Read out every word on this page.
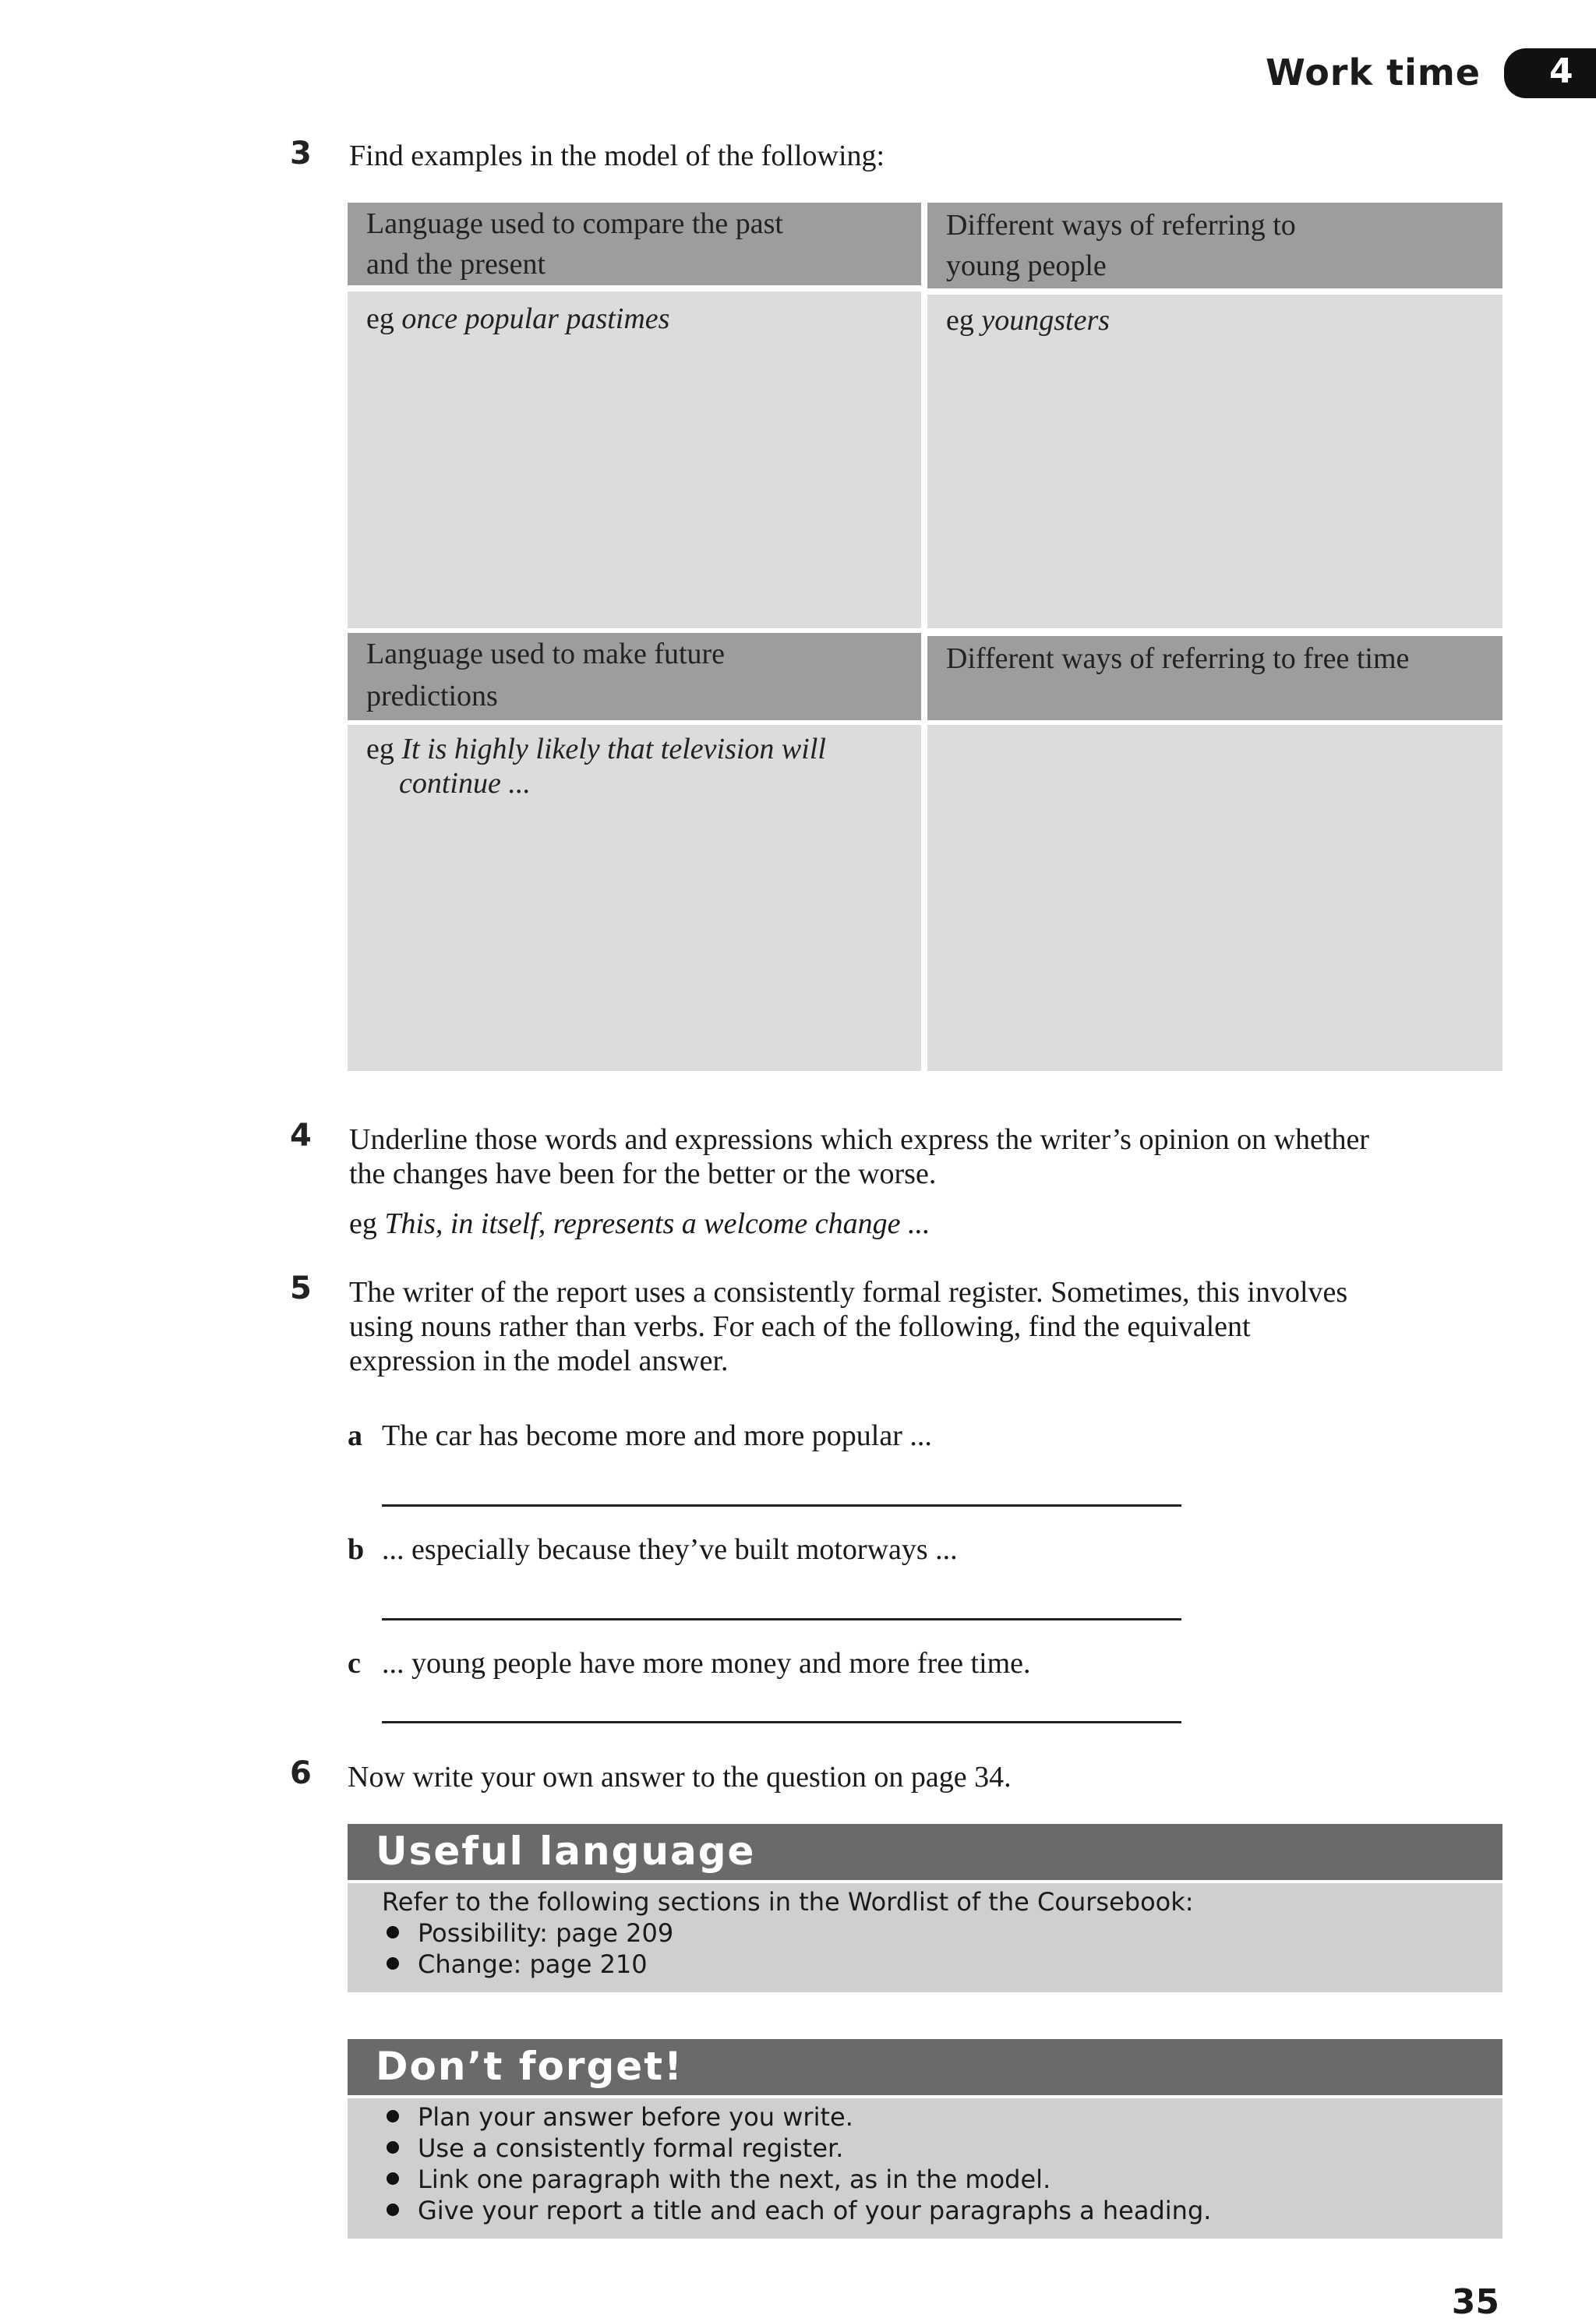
Work time 4
3 Find examples in the model of the following:
Language used to compare the past
and the present
Different ways of referring to
young people
eg once popular pastimes	eg youngsters
Language used to make future
predictions
Different ways of referring to free time
eg It is highly likely that television will
continue ...
4 Underline those words and expressions which express the writer’s opinion on whether
the changes have been for the better or the worse.
eg This, in itself, represents a welcome change ...
5 The writer of the report uses a consistently formal register. Sometimes, this involves
using nouns rather than verbs. For each of the following, find the equivalent
expression in the model answer.
a The car has become more and more popular ...
b ... especially because they’ve built motorways ...
c ... young people have more money and more free time.
6 Now write your own answer to the question on page 34.
Useful language
Refer to the following sections in the Wordlist of the Coursebook:
Possibility: page 209
Change: page 210
Don’t forget!
Plan your answer before you write.
Use a consistently formal register.
Link one paragraph with the next, as in the model.
Give your report a title and each of your paragraphs a heading.
35
